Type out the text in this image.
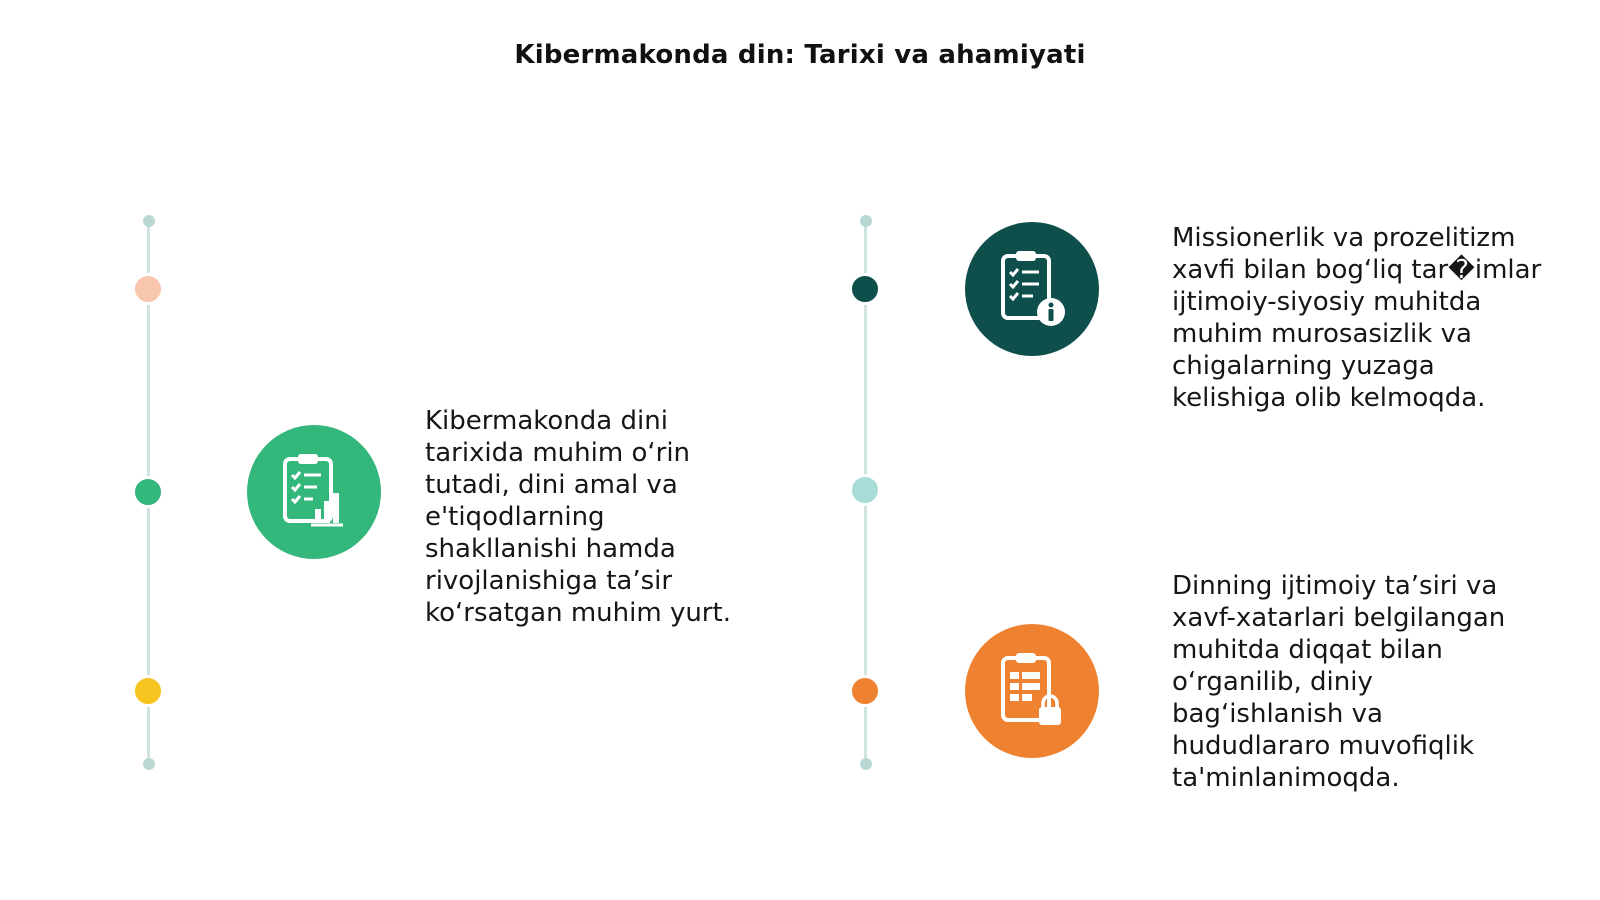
Kibermakonda din: Tarixi va ahamiyati
Kibermakonda dini
tarixida muhim o‘rin
tutadi, dini amal va
e'tiqodlarning
shakllanishi hamda
rivojlanishiga ta’sir
ko‘rsatgan muhim yurt.
Missionerlik va prozelitizm
xavfi bilan bog‘liq tar�imlar
ijtimoiy-siyosiy muhitda
muhim murosasizlik va
chigalarning yuzaga
kelishiga olib kelmoqda.
Dinning ijtimoiy ta’siri va
xavf-xatarlari belgilangan
muhitda diqqat bilan
o‘rganilib, diniy
bag‘ishlanish va
hududlararo muvofiqlik
ta'minlanimoqda.
